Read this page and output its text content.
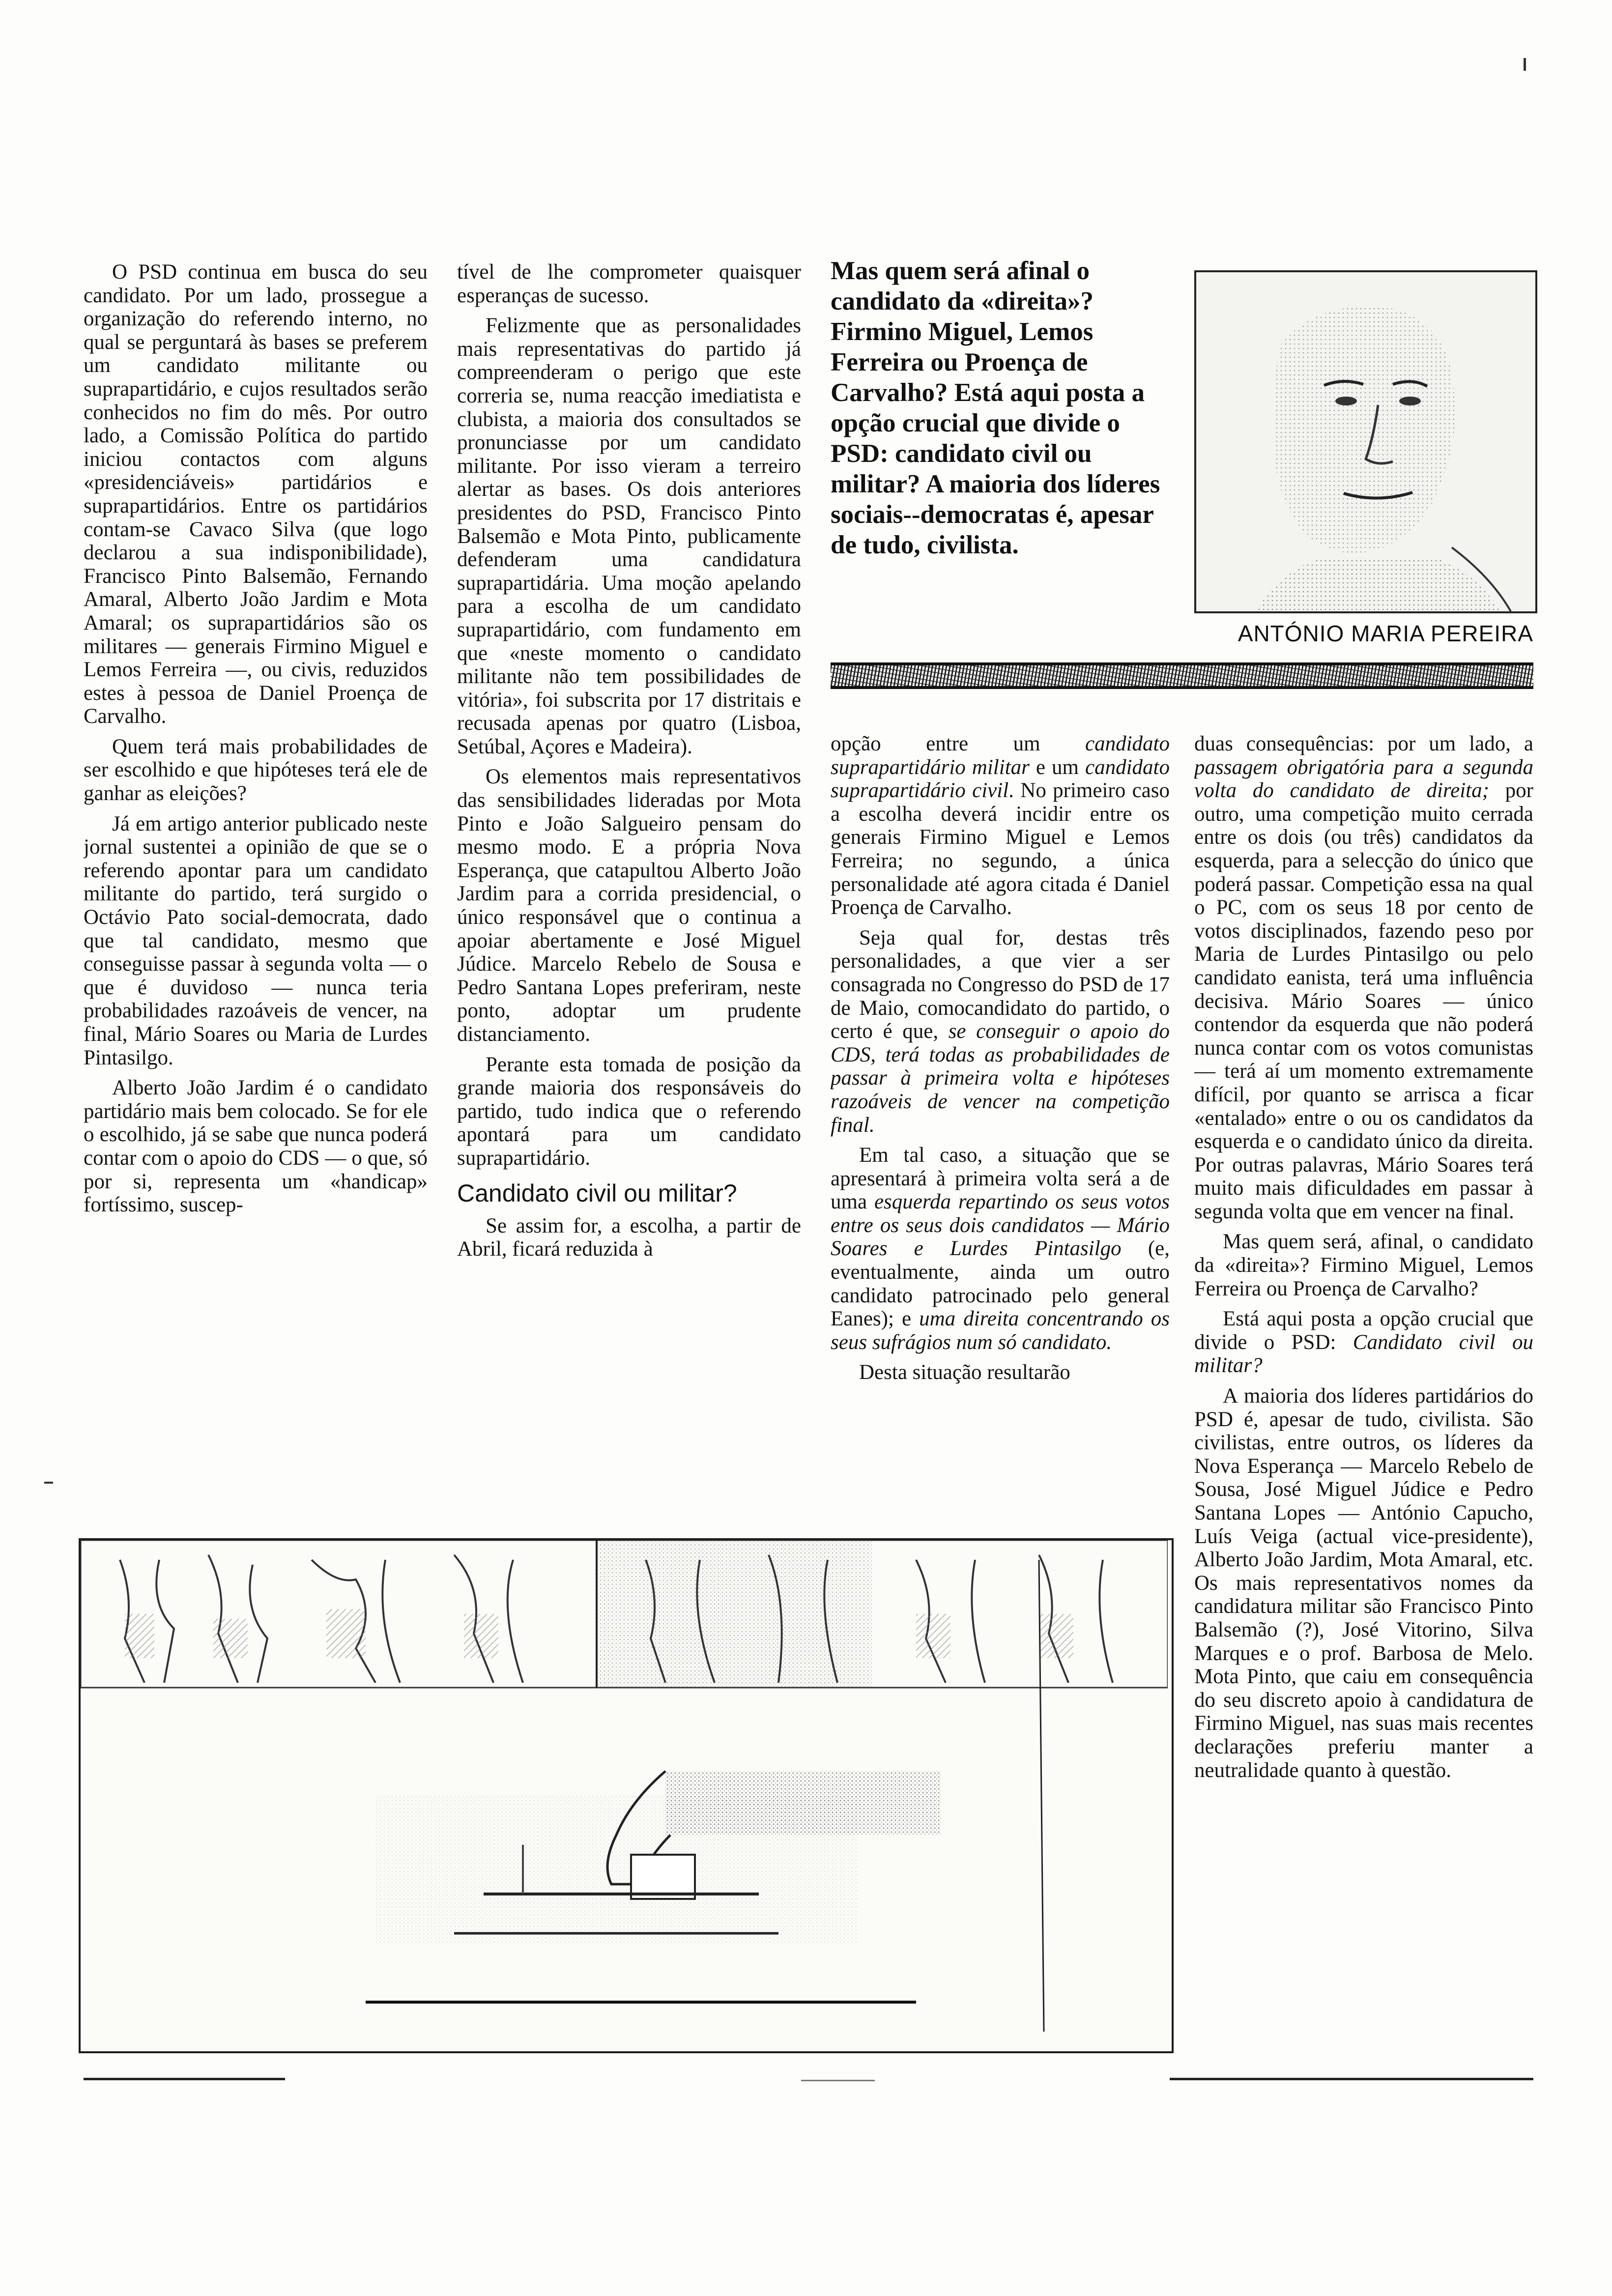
O PSD continua em busca do seu candidato. Por um lado, prossegue a organização do referendo interno, no qual se perguntará às bases se preferem um candidato militante ou suprapartidário, e cujos resultados serão conhecidos no fim do mês. Por outro lado, a Comissão Política do partido iniciou contactos com alguns «presidenciáveis» partidários e suprapartidários. Entre os partidários contam-se Cavaco Silva (que logo declarou a sua indisponibilidade), Francisco Pinto Balsemão, Fernando Amaral, Alberto João Jardim e Mota Amaral; os suprapartidários são os militares — generais Firmino Miguel e Lemos Ferreira —, ou civis, reduzidos estes à pessoa de Daniel Proença de Carvalho.

Quem terá mais probabilidades de ser escolhido e que hipóteses terá ele de ganhar as eleições?

Já em artigo anterior publicado neste jornal sustentei a opinião de que se o referendo apontar para um candidato militante do partido, terá surgido o Octávio Pato social-democrata, dado que tal candidato, mesmo que conseguisse passar à segunda volta — o que é duvidoso — nunca teria probabilidades razoáveis de vencer, na final, Mário Soares ou Maria de Lurdes Pintasilgo.

Alberto João Jardim é o candidato partidário mais bem colocado. Se for ele o escolhido, já se sabe que nunca poderá contar com o apoio do CDS — o que, só por si, representa um «handicap» fortíssimo, suscep-

tível de lhe comprometer quaisquer esperanças de sucesso.

Felizmente que as personalidades mais representativas do partido já compreenderam o perigo que este correria se, numa reacção imediatista e clubista, a maioria dos consultados se pronunciasse por um candidato militante. Por isso vieram a terreiro alertar as bases. Os dois anteriores presidentes do PSD, Francisco Pinto Balsemão e Mota Pinto, publicamente defenderam uma candidatura suprapartidária. Uma moção apelando para a escolha de um candidato suprapartidário, com fundamento em que «neste momento o candidato militante não tem possibilidades de vitória», foi subscrita por 17 distritais e recusada apenas por quatro (Lisboa, Setúbal, Açores e Madeira).

Os elementos mais representativos das sensibilidades lideradas por Mota Pinto e João Salgueiro pensam do mesmo modo. E a própria Nova Esperança, que catapultou Alberto João Jardim para a corrida presidencial, o único responsável que o continua a apoiar abertamente e José Miguel Júdice. Marcelo Rebelo de Sousa e Pedro Santana Lopes preferiram, neste ponto, adoptar um prudente distanciamento.

Perante esta tomada de posição da grande maioria dos responsáveis do partido, tudo indica que o referendo apontará para um candidato suprapartidário.

Candidato civil ou militar?

Se assim for, a escolha, a partir de Abril, ficará reduzida à

Mas quem será afinal o candidato da «direita»? Firmino Miguel, Lemos Ferreira ou Proença de Carvalho? Está aqui posta a opção crucial que divide o PSD: candidato civil ou militar? A maioria dos líderes sociais--democratas é, apesar de tudo, civilista.
ANTÓNIO MARIA PEREIRA

opção entre um candidato suprapartidário militar e um candidato suprapartidário civil. No primeiro caso a escolha deverá incidir entre os generais Firmino Miguel e Lemos Ferreira; no segundo, a única personalidade até agora citada é Daniel Proença de Carvalho.

Seja qual for, destas três personalidades, a que vier a ser consagrada no Congresso do PSD de 17 de Maio, comocandidato do partido, o certo é que, se conseguir o apoio do CDS, terá todas as probabilidades de passar à primeira volta e hipóteses razoáveis de vencer na competição final.

Em tal caso, a situação que se apresentará à primeira volta será a de uma esquerda repartindo os seus votos entre os seus dois candidatos — Mário Soares e Lurdes Pintasilgo (e, eventualmente, ainda um outro candidato patrocinado pelo general Eanes); e uma direita concentrando os seus sufrágios num só candidato.

Desta situação resultarão

duas consequências: por um lado, a passagem obrigatória para a segunda volta do candidato de direita; por outro, uma competição muito cerrada entre os dois (ou três) candidatos da esquerda, para a selecção do único que poderá passar. Competição essa na qual o PC, com os seus 18 por cento de votos disciplinados, fazendo peso por Maria de Lurdes Pintasilgo ou pelo candidato eanista, terá uma influência decisiva. Mário Soares — único contendor da esquerda que não poderá nunca contar com os votos comunistas — terá aí um momento extremamente difícil, por quanto se arrisca a ficar «entalado» entre o ou os candidatos da esquerda e o candidato único da direita. Por outras palavras, Mário Soares terá muito mais dificuldades em passar à segunda volta que em vencer na final.

Mas quem será, afinal, o candidato da «direita»? Firmino Miguel, Lemos Ferreira ou Proença de Carvalho?

Está aqui posta a opção crucial que divide o PSD: Candidato civil ou militar?

A maioria dos líderes partidários do PSD é, apesar de tudo, civilista. São civilistas, entre outros, os líderes da Nova Esperança — Marcelo Rebelo de Sousa, José Miguel Júdice e Pedro Santana Lopes — António Capucho, Luís Veiga (actual vice-presidente), Alberto João Jardim, Mota Amaral, etc. Os mais representativos nomes da candidatura militar são Francisco Pinto Balsemão (?), José Vitorino, Silva Marques e o prof. Barbosa de Melo. Mota Pinto, que caiu em consequência do seu discreto apoio à candidatura de Firmino Miguel, nas suas mais recentes declarações preferiu manter a neutralidade quanto à questão.
